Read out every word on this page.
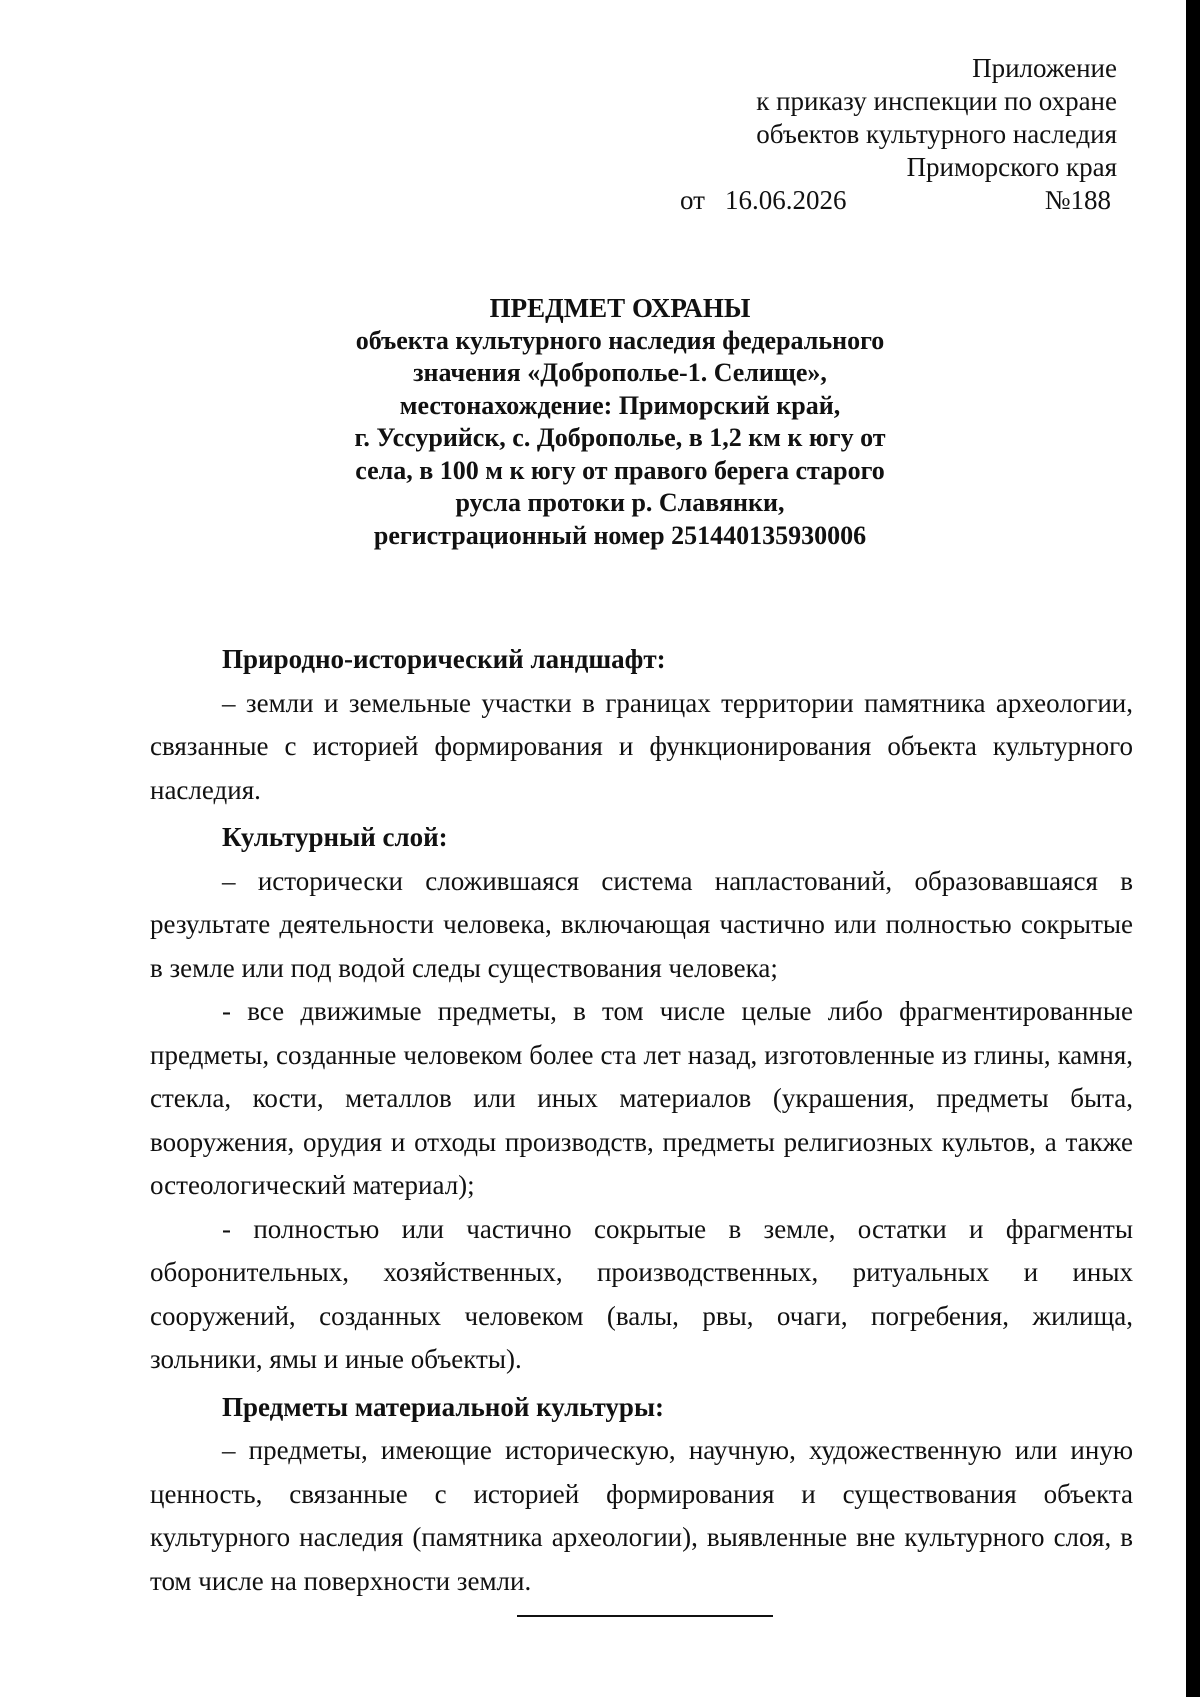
Приложение
к приказу инспекции по охране
объектов культурного наследия
Приморского края
от 16.06.2026	№188
ПРЕДМЕТ ОХРАНЫ
объекта культурного наследия федерального
значения «Доброполье-1. Селище»,
местонахождение: Приморский край,
г. Уссурийск, с. Доброполье, в 1,2 км к югу от
села, в 100 м к югу от правого берега старого
русла протоки р. Славянки,
регистрационный номер 251440135930006
Природно-исторический ландшафт:

– земли и земельные участки в границах территории памятника археологии, связанные с историей формирования и функционирования объекта культурного наследия.

Культурный слой:

– исторически сложившаяся система напластований, образовавшаяся в результате деятельности человека, включающая частично или полностью сокрытые в земле или под водой следы существования человека;

- все движимые предметы, в том числе целые либо фрагментированные предметы, созданные человеком более ста лет назад, изготовленные из глины, камня, стекла, кости, металлов или иных материалов (украшения, предметы быта, вооружения, орудия и отходы производств, предметы религиозных культов, а также остеологический материал);

- полностью или частично сокрытые в земле, остатки и фрагменты оборонительных, хозяйственных, производственных, ритуальных и иных сооружений, созданных человеком (валы, рвы, очаги, погребения, жилища, зольники, ямы и иные объекты).

Предметы материальной культуры:

– предметы, имеющие историческую, научную, художественную или иную ценность, связанные с историей формирования и существования объекта культурного наследия (памятника археологии), выявленные вне культурного слоя, в том числе на поверхности земли.
